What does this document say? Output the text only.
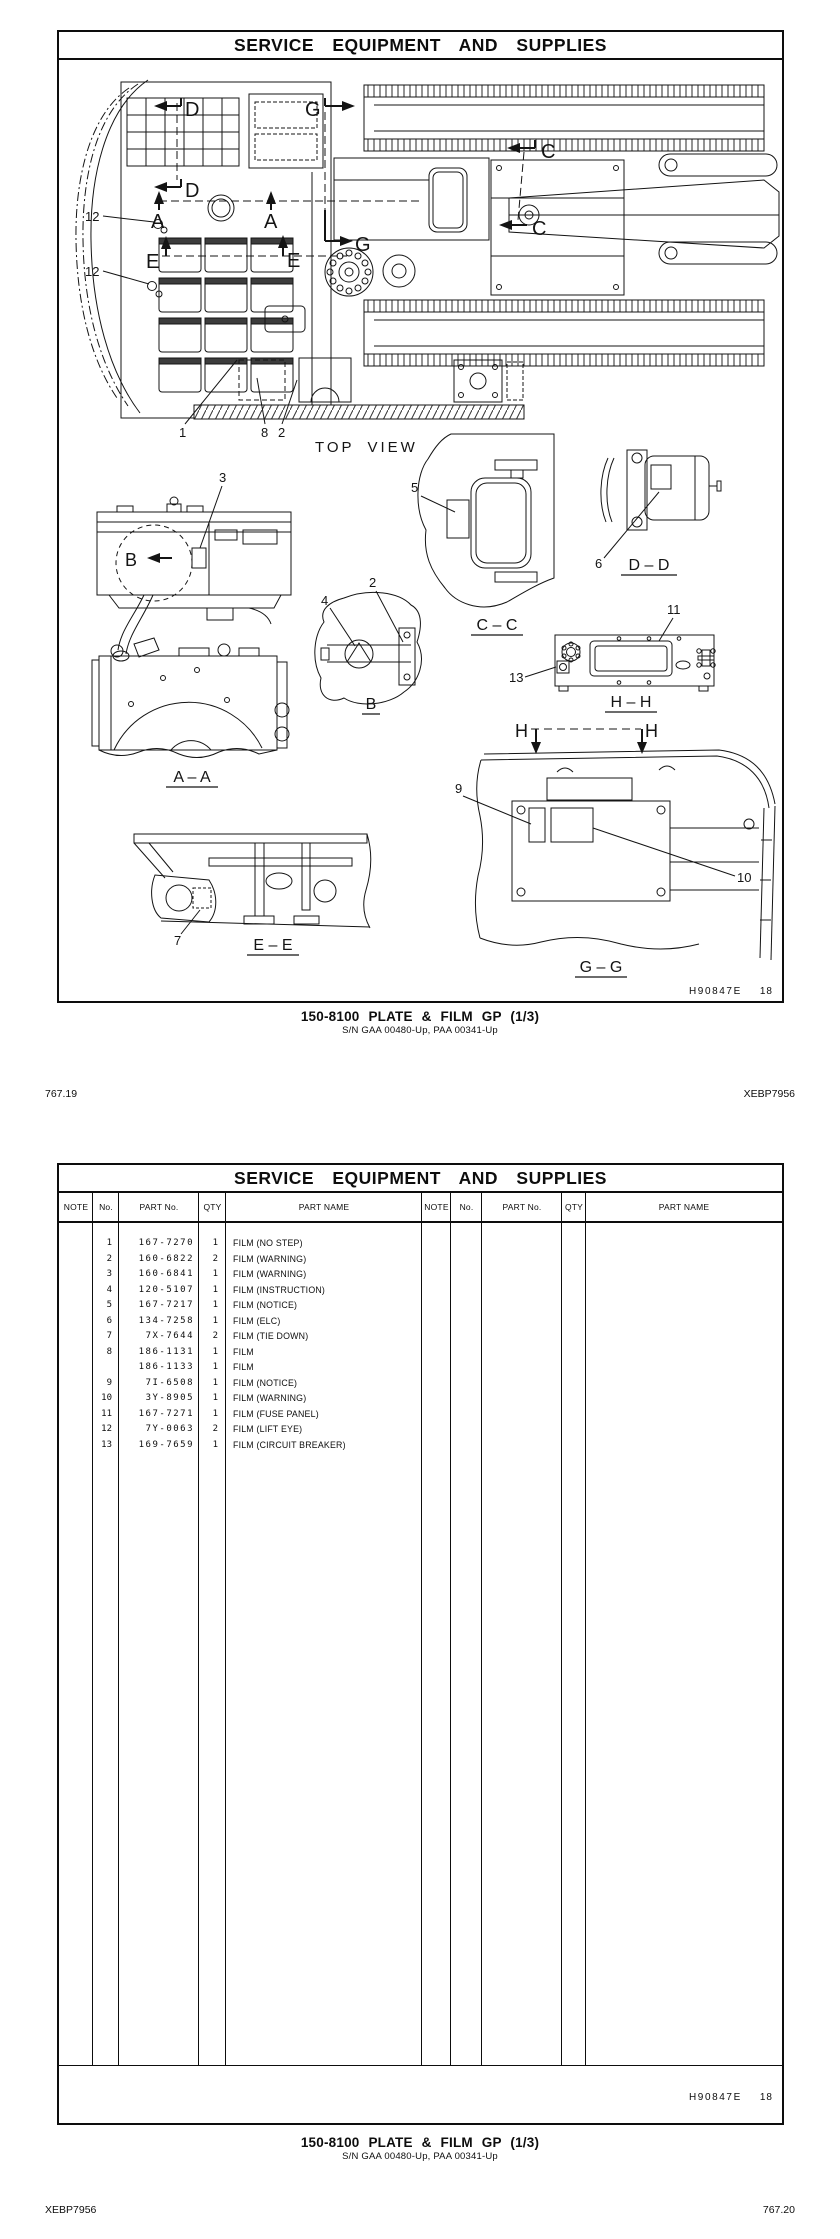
SERVICE EQUIPMENT AND SUPPLIES
D	G
D
A	A
E	E
G
C
C
12
12
1	8 2
TOP VIEW
B
3
5
C – C
6 D – D
4
2
B
11
13
H – H
A – A
7	E – E
H	H
9
10
G – G
H90847E 18
150-8100 PLATE & FILM GP (1/3)
S/N GAA 00480-Up, PAA 00341-Up
767.19	XEBP7956
SERVICE EQUIPMENT AND SUPPLIES
NOTE	No.	PART No.	QTY	PART NAME	NOTE	No.	PART No.	QTY	PART NAME
1	167-7270	1	FILM (NO STEP)
2	160-6822	2	FILM (WARNING)
3	160-6841	1	FILM (WARNING)
4	120-5107	1	FILM (INSTRUCTION)
5	167-7217	1	FILM (NOTICE)
6	134-7258	1	FILM (ELC)
7	7X-7644	2	FILM (TIE DOWN)
8	186-1131	1	FILM
186-1133	1	FILM
9	7I-6508	1	FILM (NOTICE)
10	3Y-8905	1	FILM (WARNING)
11	167-7271	1	FILM (FUSE PANEL)
12	7Y-0063	2	FILM (LIFT EYE)
13	169-7659	1	FILM (CIRCUIT BREAKER)
H90847E 18
150-8100 PLATE & FILM GP (1/3)
S/N GAA 00480-Up, PAA 00341-Up
XEBP7956	767.20
